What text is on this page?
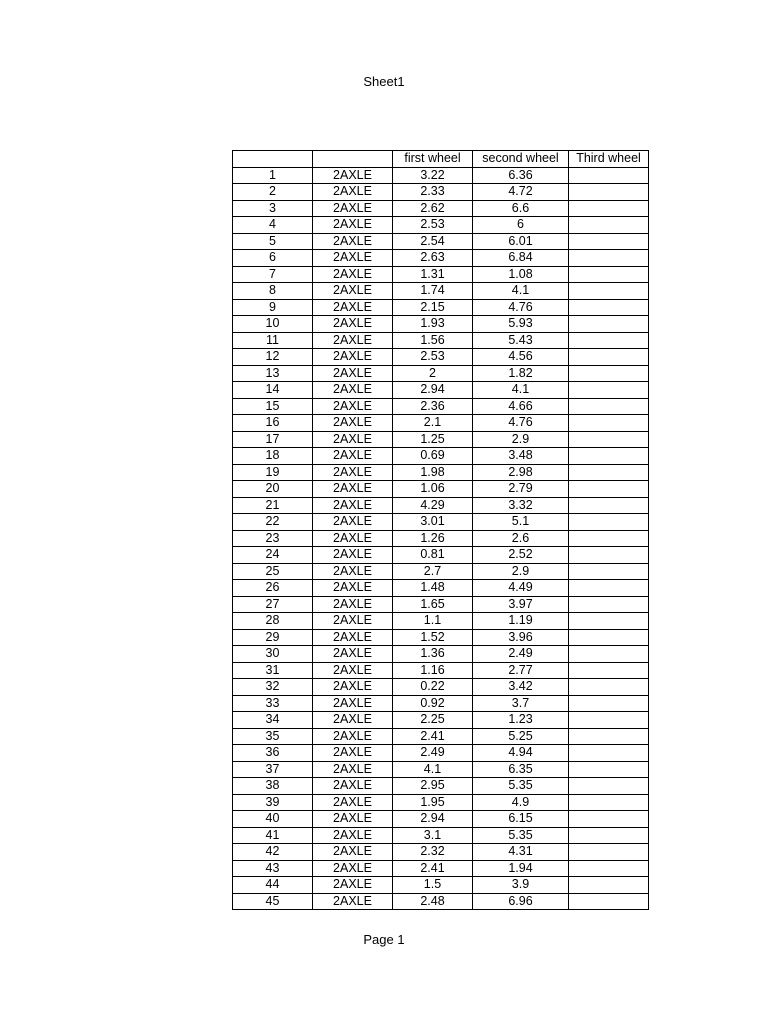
Sheet1
		first wheel	second wheel	Third wheel
1	2AXLE	3.22	6.36	
2	2AXLE	2.33	4.72	
3	2AXLE	2.62	6.6	
4	2AXLE	2.53	6	
5	2AXLE	2.54	6.01	
6	2AXLE	2.63	6.84	
7	2AXLE	1.31	1.08	
8	2AXLE	1.74	4.1	
9	2AXLE	2.15	4.76	
10	2AXLE	1.93	5.93	
11	2AXLE	1.56	5.43	
12	2AXLE	2.53	4.56	
13	2AXLE	2	1.82	
14	2AXLE	2.94	4.1	
15	2AXLE	2.36	4.66	
16	2AXLE	2.1	4.76	
17	2AXLE	1.25	2.9	
18	2AXLE	0.69	3.48	
19	2AXLE	1.98	2.98	
20	2AXLE	1.06	2.79	
21	2AXLE	4.29	3.32	
22	2AXLE	3.01	5.1	
23	2AXLE	1.26	2.6	
24	2AXLE	0.81	2.52	
25	2AXLE	2.7	2.9	
26	2AXLE	1.48	4.49	
27	2AXLE	1.65	3.97	
28	2AXLE	1.1	1.19	
29	2AXLE	1.52	3.96	
30	2AXLE	1.36	2.49	
31	2AXLE	1.16	2.77	
32	2AXLE	0.22	3.42	
33	2AXLE	0.92	3.7	
34	2AXLE	2.25	1.23	
35	2AXLE	2.41	5.25	
36	2AXLE	2.49	4.94	
37	2AXLE	4.1	6.35	
38	2AXLE	2.95	5.35	
39	2AXLE	1.95	4.9	
40	2AXLE	2.94	6.15	
41	2AXLE	3.1	5.35	
42	2AXLE	2.32	4.31	
43	2AXLE	2.41	1.94	
44	2AXLE	1.5	3.9	
45	2AXLE	2.48	6.96	
Page 1
